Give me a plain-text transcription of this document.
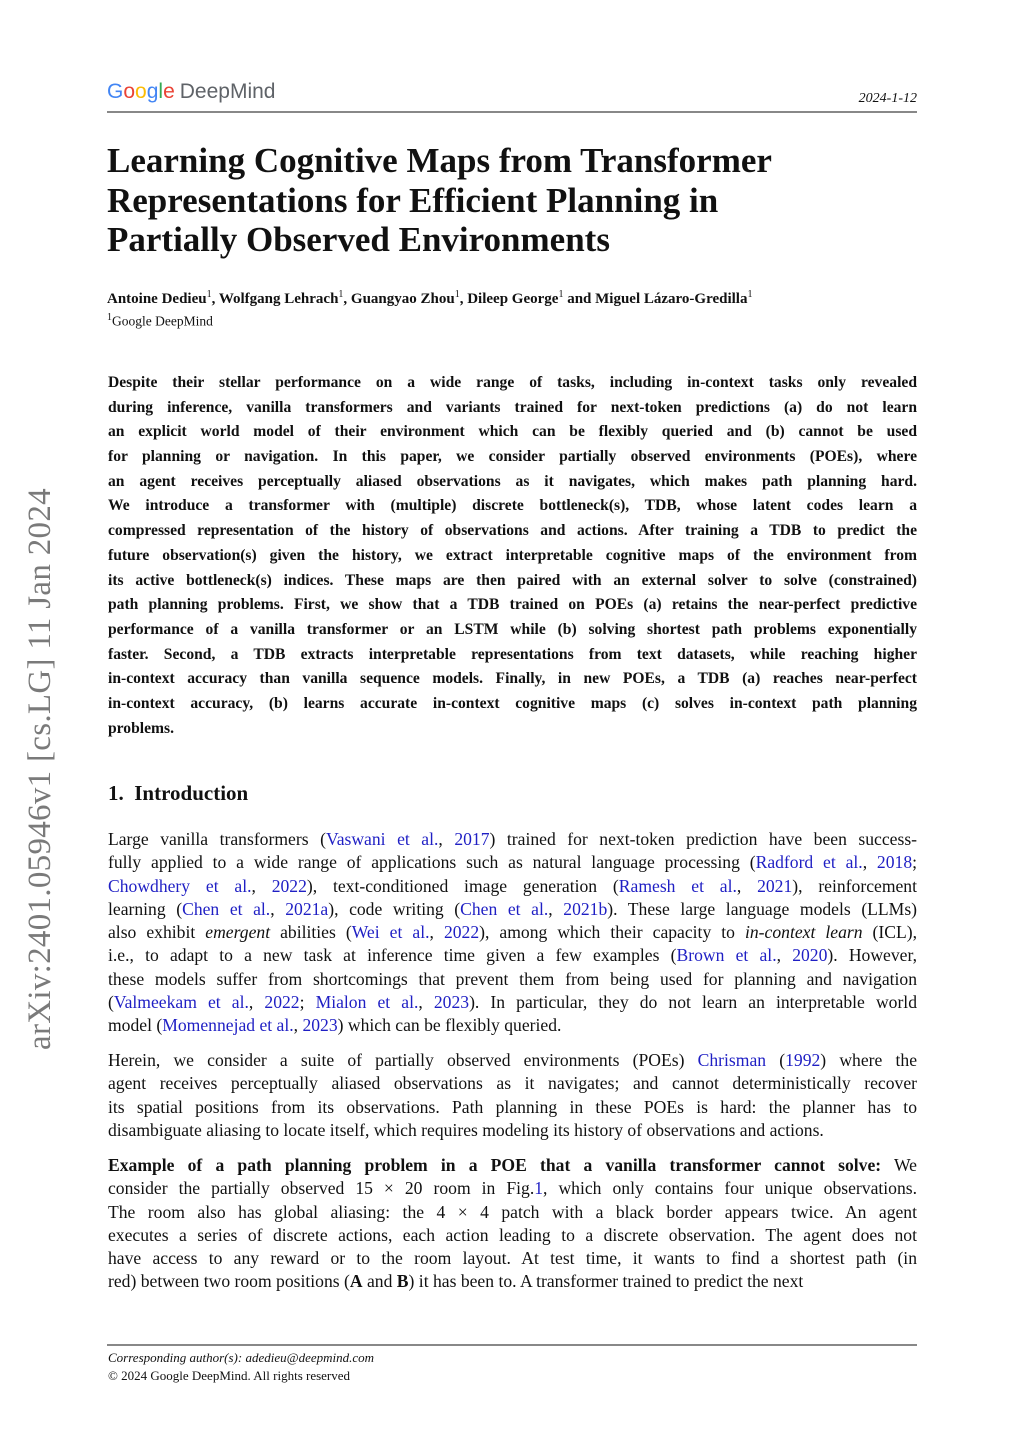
Google DeepMind	2024-1-12
arXiv:2401.05946v1 [cs.LG] 11 Jan 2024
Learning Cognitive Maps from Transformer
Representations for Efficient Planning in
Partially Observed Environments
Antoine Dedieu$^1$, Wolfgang Lehrach$^1$, Guangyao Zhou$^1$, Dileep George$^1$ and Miguel Lázaro-Gredilla$^1$
$^1$Google DeepMind
Despite their stellar performance on a wide range of tasks, including in-context tasks only revealed
during inference, vanilla transformers and variants trained for next-token predictions (a) do not learn
an explicit world model of their environment which can be flexibly queried and (b) cannot be used
for planning or navigation. In this paper, we consider partially observed environments (POEs), where
an agent receives perceptually aliased observations as it navigates, which makes path planning hard.
We introduce a transformer with (multiple) discrete bottleneck(s), TDB, whose latent codes learn a
compressed representation of the history of observations and actions. After training a TDB to predict the
future observation(s) given the history, we extract interpretable cognitive maps of the environment from
its active bottleneck(s) indices. These maps are then paired with an external solver to solve (constrained)
path planning problems. First, we show that a TDB trained on POEs (a) retains the near-perfect predictive
performance of a vanilla transformer or an LSTM while (b) solving shortest path problems exponentially
faster. Second, a TDB extracts interpretable representations from text datasets, while reaching higher
in-context accuracy than vanilla sequence models. Finally, in new POEs, a TDB (a) reaches near-perfect
in-context accuracy, (b) learns accurate in-context cognitive maps (c) solves in-context path planning
problems.
1. Introduction
Large vanilla transformers (Vaswani et al., 2017) trained for next-token prediction have been success-
fully applied to a wide range of applications such as natural language processing (Radford et al., 2018;
Chowdhery et al., 2022), text-conditioned image generation (Ramesh et al., 2021), reinforcement
learning (Chen et al., 2021a), code writing (Chen et al., 2021b). These large language models (LLMs)
also exhibit emergent abilities (Wei et al., 2022), among which their capacity to in-context learn (ICL),
i.e., to adapt to a new task at inference time given a few examples (Brown et al., 2020). However,
these models suffer from shortcomings that prevent them from being used for planning and navigation
(Valmeekam et al., 2022; Mialon et al., 2023). In particular, they do not learn an interpretable world
model (Momennejad et al., 2023) which can be flexibly queried.
Herein, we consider a suite of partially observed environments (POEs) Chrisman (1992) where the
agent receives perceptually aliased observations as it navigates; and cannot deterministically recover
its spatial positions from its observations. Path planning in these POEs is hard: the planner has to
disambiguate aliasing to locate itself, which requires modeling its history of observations and actions.
Example of a path planning problem in a POE that a vanilla transformer cannot solve: We
consider the partially observed 15 × 20 room in Fig.1, which only contains four unique observations.
The room also has global aliasing: the 4 × 4 patch with a black border appears twice. An agent
executes a series of discrete actions, each action leading to a discrete observation. The agent does not
have access to any reward or to the room layout. At test time, it wants to find a shortest path (in
red) between two room positions (A and B) it has been to. A transformer trained to predict the next
Corresponding author(s): adedieu@deepmind.com
© 2024 Google DeepMind. All rights reserved
